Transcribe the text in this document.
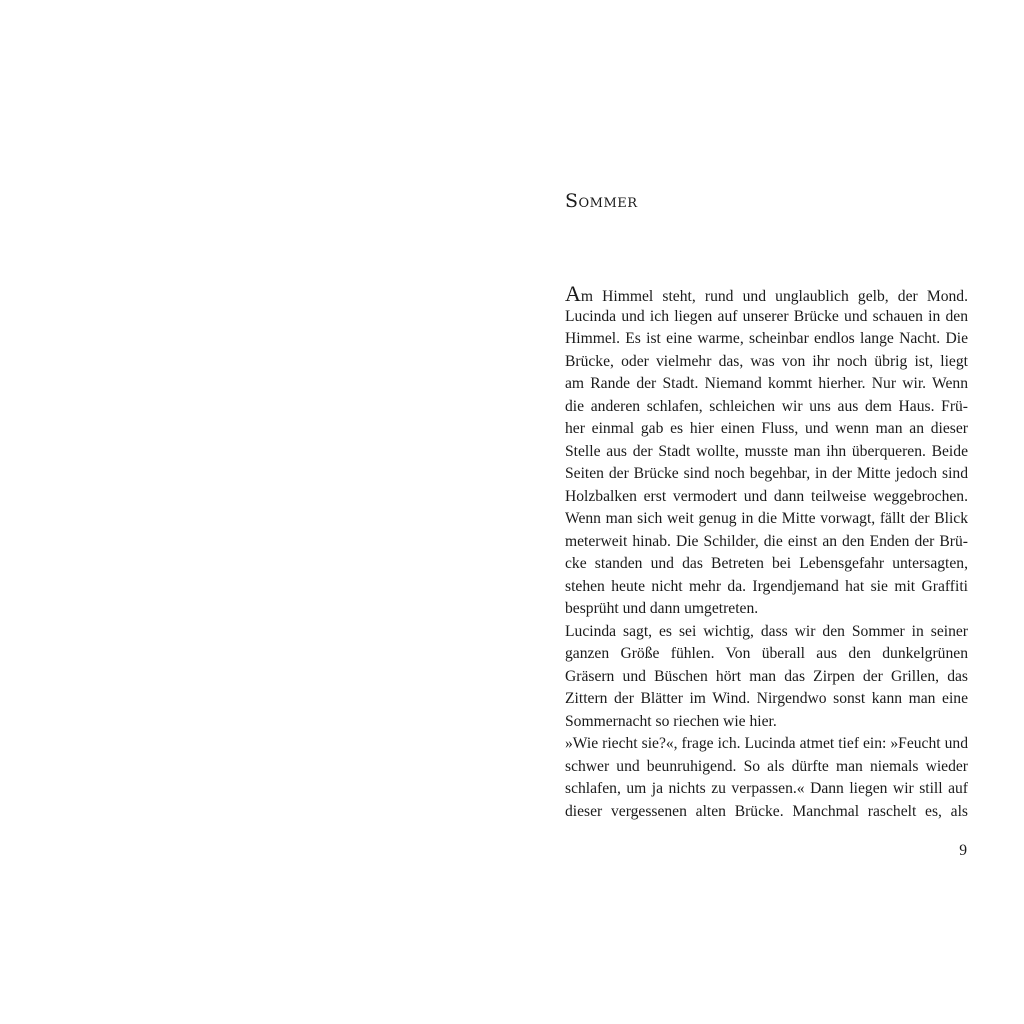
Sommer
Am Himmel steht, rund und unglaublich gelb, der Mond.
Lucinda und ich liegen auf unserer Brücke und schauen in den
Himmel. Es ist eine warme, scheinbar endlos lange Nacht. Die
Brücke, oder vielmehr das, was von ihr noch übrig ist, liegt
am Rande der Stadt. Niemand kommt hierher. Nur wir. Wenn
die anderen schlafen, schleichen wir uns aus dem Haus. Frü-
her einmal gab es hier einen Fluss, und wenn man an dieser
Stelle aus der Stadt wollte, musste man ihn überqueren. Beide
Seiten der Brücke sind noch begehbar, in der Mitte jedoch sind
Holzbalken erst vermodert und dann teilweise weggebrochen.
Wenn man sich weit genug in die Mitte vorwagt, fällt der Blick
meterweit hinab. Die Schilder, die einst an den Enden der Brü-
cke standen und das Betreten bei Lebensgefahr untersagten,
stehen heute nicht mehr da. Irgendjemand hat sie mit Graffiti
besprüht und dann umgetreten.
Lucinda sagt, es sei wichtig, dass wir den Sommer in seiner
ganzen Größe fühlen. Von überall aus den dunkelgrünen
Gräsern und Büschen hört man das Zirpen der Grillen, das
Zittern der Blätter im Wind. Nirgendwo sonst kann man eine
Sommernacht so riechen wie hier.
»Wie riecht sie?«, frage ich. Lucinda atmet tief ein: »Feucht und
schwer und beunruhigend. So als dürfte man niemals wieder
schlafen, um ja nichts zu verpassen.« Dann liegen wir still auf
dieser vergessenen alten Brücke. Manchmal raschelt es, als
9
